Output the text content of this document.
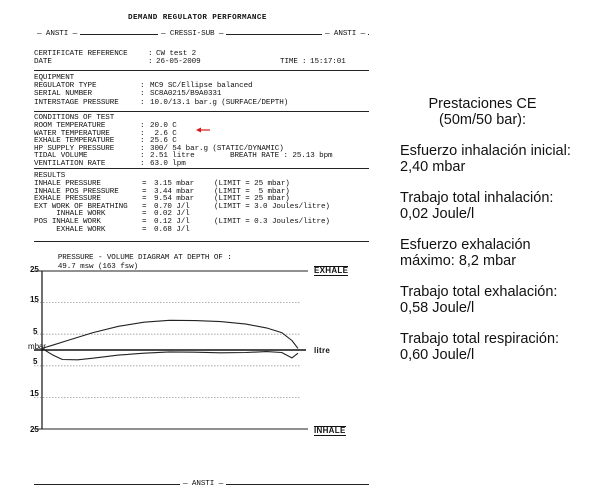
DEMAND REGULATOR PERFORMANCE
— ANSTI —	— CRESSI-SUB —	— ANSTI —
CERTIFICATE REFERENCE	: CW test 2
DATE	: 26-05-2009	TIME : 15:17:01
EQUIPMENT
REGULATOR TYPE	: MC9 SC/Ellipse balanced
SERIAL NUMBER	: SC8A0215/B9A0331
INTERSTAGE PRESSURE	: 10.0/13.1 bar.g (SURFACE/DEPTH)
CONDITIONS OF TEST
ROOM TEMPERATURE	: 20.0 C
WATER TEMPERATURE	: 2.6 C
EXHALE TEMPERATURE	: 25.6 C
HP SUPPLY PRESSURE	: 300/ 54 bar.g (STATIC/DYNAMIC)
TIDAL VOLUME	: 2.51 litre	BREATH RATE : 25.13 bpm
VENTILATION RATE	: 63.0 lpm
RESULTS
INHALE PRESSURE	= 3.15 mbar	(LIMIT = 25 mbar)
INHALE POS PRESSURE	= 3.44 mbar	(LIMIT =  5 mbar)
EXHALE PRESSURE	= 9.54 mbar	(LIMIT = 25 mbar)
EXT WORK OF BREATHING = 0.70 J/l	(LIMIT = 3.0 Joules/litre)
INHALE WORK	= 0.02 J/l
POS INHALE WORK	= 0.12 J/l	(LIMIT = 0.3 Joules/litre)
EXHALE WORK	= 0.68 J/l

PRESSURE - VOLUME DIAGRAM AT DEPTH OF :
49.7 msw (163 fsw)

25
15
5
mbar
5
15
25
EXHALE
litre
INHALE
— ANSTI —
Prestaciones CE
(50m/50 bar):
Esfuerzo inhalación inicial:
2,40 mbar
Trabajo total inhalación:
0,02 Joule/l
Esfuerzo exhalación
máximo: 8,2 mbar
Trabajo total exhalación:
0,58 Joule/l
Trabajo total respiración:
0,60 Joule/l
